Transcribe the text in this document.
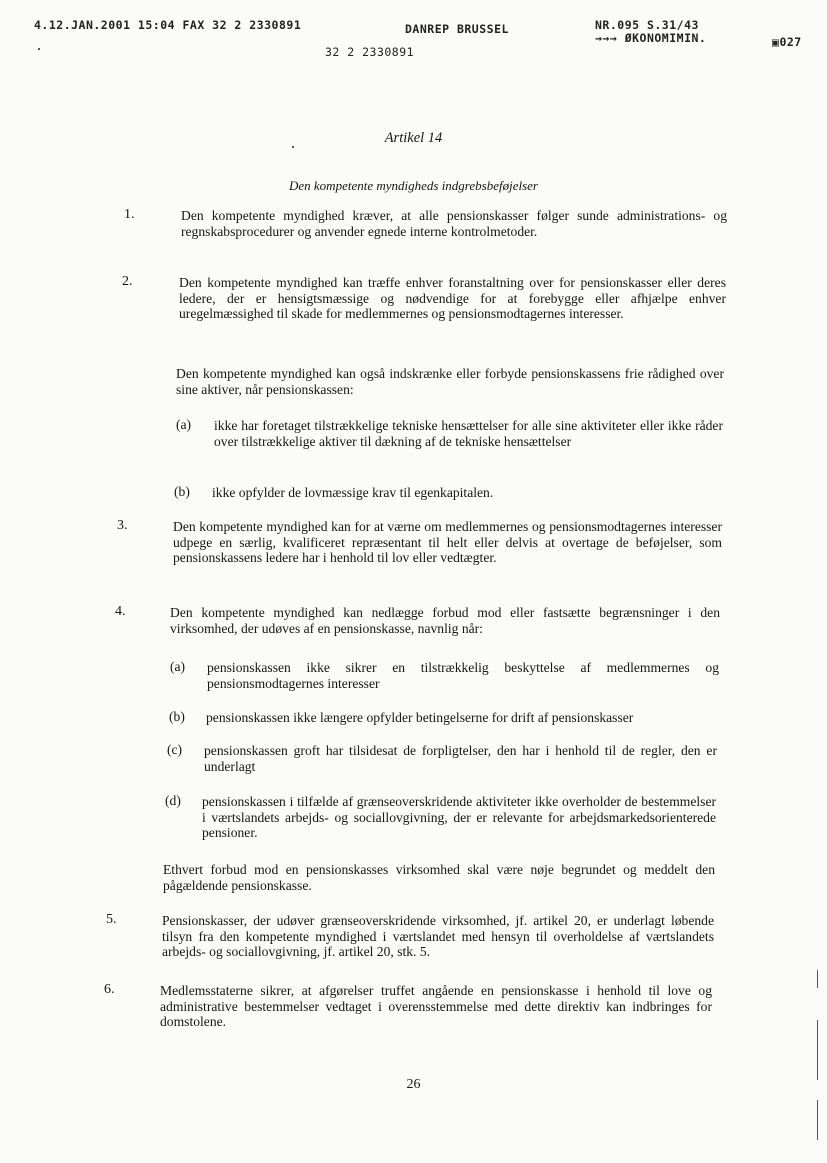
4.12.JAN.2001 15:04 FAX 32 2 2330891	DANREP BRUSSEL
32 2 2330891
NR.095 S.31/43
→→→ ØKONOMIMIN.	▣027
Artikel 14
Den kompetente myndigheds indgrebsbeføjelser
1.	Den kompetente myndighed kræver, at alle pensionskasser følger sunde administrations- og regnskabsprocedurer og anvender egnede interne kontrolmetoder.
2.	Den kompetente myndighed kan træffe enhver foranstaltning over for pensionskasser eller deres ledere, der er hensigtsmæssige og nødvendige for at forebygge eller afhjælpe enhver uregelmæssighed til skade for medlemmernes og pensionsmodtagernes interesser.
Den kompetente myndighed kan også indskrænke eller forbyde pensionskassens frie rådighed over sine aktiver, når pensionskassen:
(a) ikke har foretaget tilstrækkelige tekniske hensættelser for alle sine aktiviteter eller ikke råder over tilstrækkelige aktiver til dækning af de tekniske hensættelser
(b) ikke opfylder de lovmæssige krav til egenkapitalen.
3.	Den kompetente myndighed kan for at værne om medlemmernes og pensionsmodtagernes interesser udpege en særlig, kvalificeret repræsentant til helt eller delvis at overtage de beføjelser, som pensionskassens ledere har i henhold til lov eller vedtægter.
4.	Den kompetente myndighed kan nedlægge forbud mod eller fastsætte begrænsninger i den virksomhed, der udøves af en pensionskasse, navnlig når:
(a) pensionskassen ikke sikrer en tilstrækkelig beskyttelse af medlemmernes og pensionsmodtagernes interesser
(b) pensionskassen ikke længere opfylder betingelserne for drift af pensionskasser
(c) pensionskassen groft har tilsidesat de forpligtelser, den har i henhold til de regler, den er underlagt
(d) pensionskassen i tilfælde af grænseoverskridende aktiviteter ikke overholder de bestemmelser i værtslandets arbejds- og sociallovgivning, der er relevante for arbejdsmarkedsorienterede pensioner.
Ethvert forbud mod en pensionskasses virksomhed skal være nøje begrundet og meddelt den pågældende pensionskasse.
5.	Pensionskasser, der udøver grænseoverskridende virksomhed, jf. artikel 20, er underlagt løbende tilsyn fra den kompetente myndighed i værtslandet med hensyn til overholdelse af værtslandets arbejds- og sociallovgivning, jf. artikel 20, stk. 5.
6.	Medlemsstaterne sikrer, at afgørelser truffet angående en pensionskasse i henhold til love og administrative bestemmelser vedtaget i overensstemmelse med dette direktiv kan indbringes for domstolene.
26
